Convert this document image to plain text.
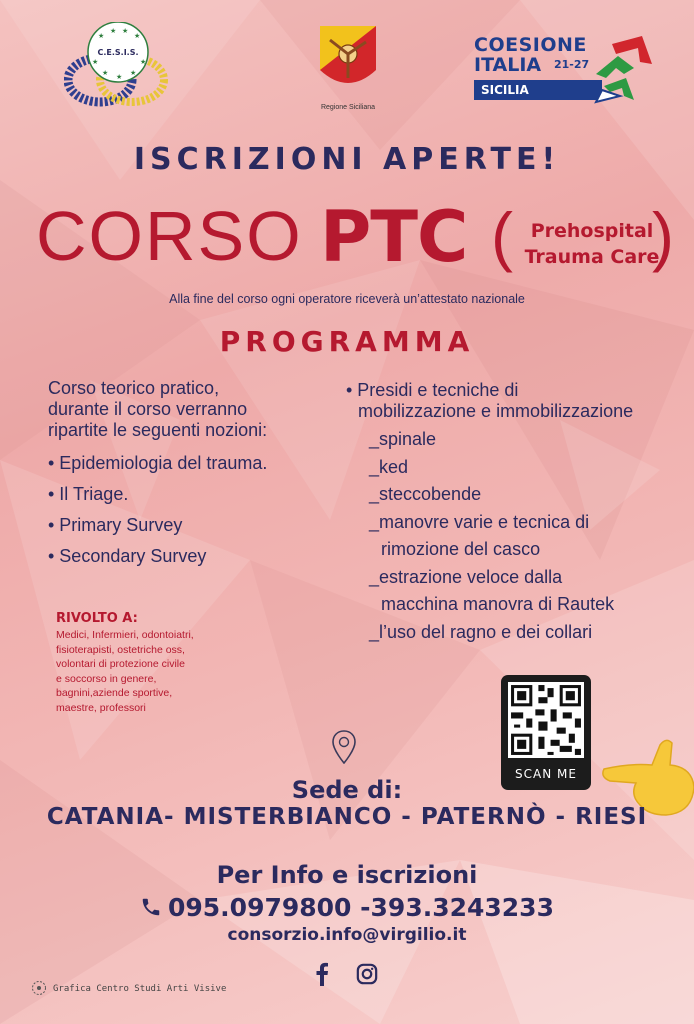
★
★ ★
★
★	★
★	★
★
C.E.S.I.S.
Regione Siciliana
COESIONE
ITALIA 21-27
SICILIA
ISCRIZIONI APERTE!
CORSO PTC ( Prehospital
Trauma Care
)
Alla fine del corso ogni operatore riceverà un’attestato nazionale
PROGRAMMA
Corso teorico pratico,
durante il corso verranno
ripartite le seguenti nozioni:
• Epidemiologia del trauma.
• Il Triage.
• Primary Survey
• Secondary Survey
• Presidi e tecniche di
mobilizzazione e immobilizzazione
_spinale
_ked
_steccobende
_manovre varie e tecnica di
rimozione del casco
_estrazione veloce dalla
macchina manovra di Rautek
_l’uso del ragno e dei collari
RIVOLTO A:
Medici, Infermieri, odontoiatri,
fisioterapisti, ostetriche oss,
volontari di protezione civile
e soccorso in genere,
bagnini,aziende sportive,
maestre, professori
SCAN ME
Sede di:
CATANIA- MISTERBIANCO - PATERNÒ - RIESI
Per Info e iscrizioni
095.0979800 -393.3243233
consorzio.info@virgilio.it
Grafica Centro Studi Arti Visive
